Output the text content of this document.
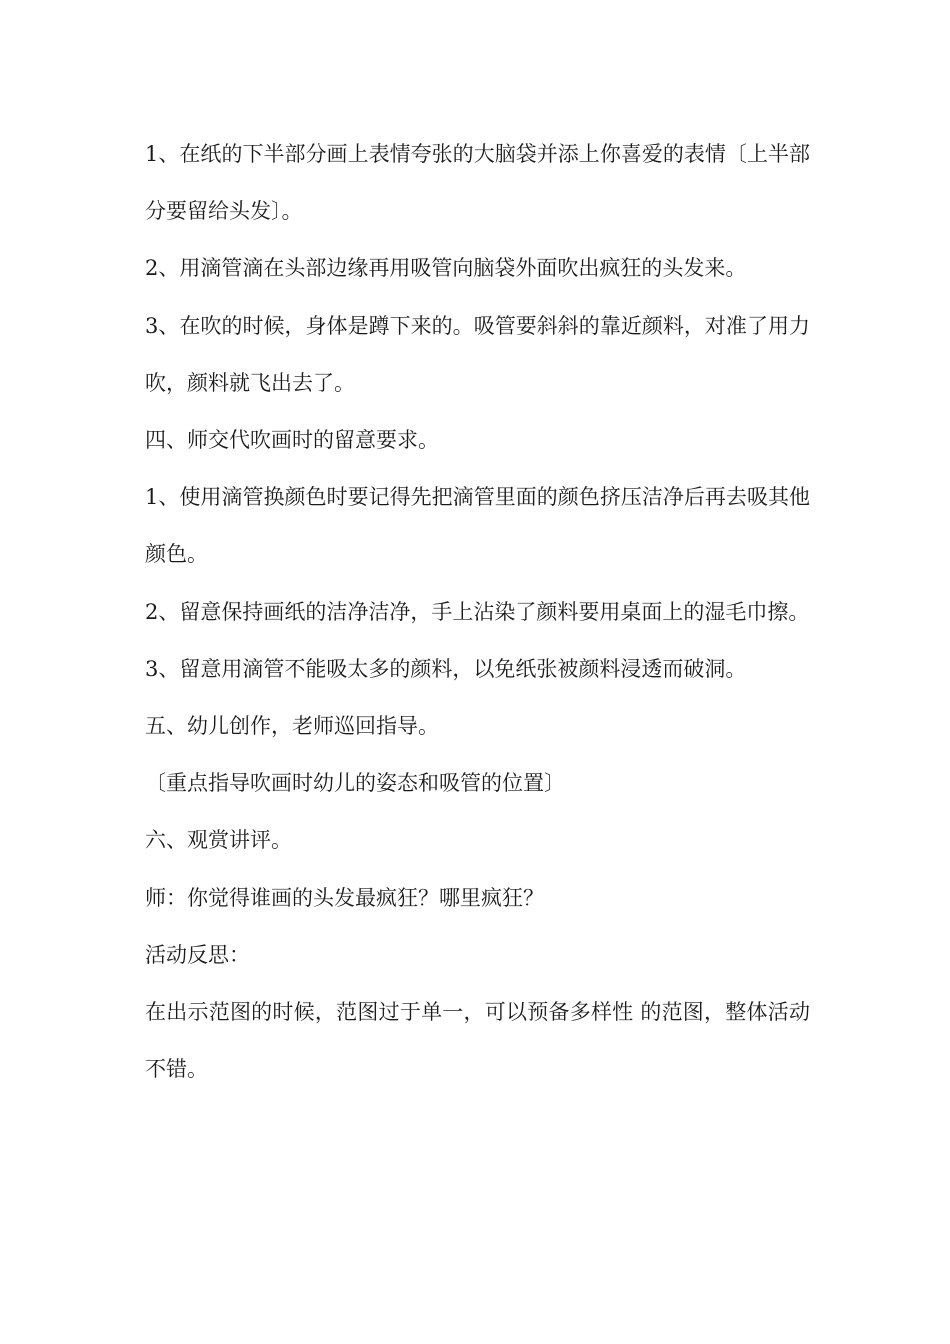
1、在纸的下半部分画上表情夸张的大脑袋并添上你喜爱的表情〔上半部分要留给头发〕。

2、用滴管滴在头部边缘再用吸管向脑袋外面吹出疯狂的头发来。

3、在吹的时候，身体是蹲下来的。吸管要斜斜的靠近颜料，对准了用力吹，颜料就飞出去了。

四、师交代吹画时的留意要求。

1、使用滴管换颜色时要记得先把滴管里面的颜色挤压洁净后再去吸其他颜色。

2、留意保持画纸的洁净洁净，手上沾染了颜料要用桌面上的湿毛巾擦。

3、留意用滴管不能吸太多的颜料，以免纸张被颜料浸透而破洞。

五、幼儿创作，老师巡回指导。

〔重点指导吹画时幼儿的姿态和吸管的位置〕

六、观赏讲评。

师：你觉得谁画的头发最疯狂？哪里疯狂？

活动反思：

在出示范图的时候，范图过于单一，可以预备多样性 的范图，整体活动不错。
